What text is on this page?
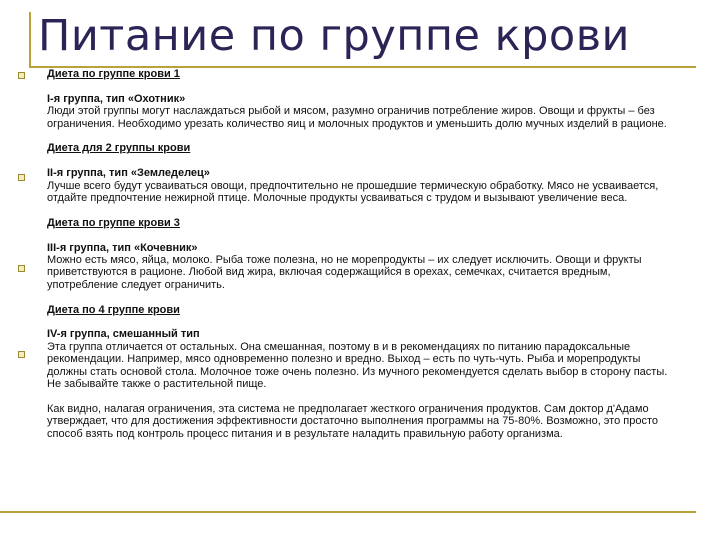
Питание по группе крови

Диета по группе крови 1

I-я группа, тип «Охотник»

Люди этой группы могут наслаждаться рыбой и мясом, разумно ограничив потребление жиров. Овощи и фрукты – без ограничения. Необходимо урезать количество яиц и молочных продуктов и уменьшить долю мучных изделий в рационе.

Диета для 2 группы крови

II-я группа, тип «Земледелец»

Лучше всего будут усваиваться овощи, предпочтительно не прошедшие термическую обработку. Мясо не усваивается, отдайте предпочтение нежирной птице. Молочные продукты усваиваться с трудом и вызывают увеличение веса.

Диета по группе крови 3

III-я группа, тип «Кочевник»

Можно есть мясо, яйца, молоко. Рыба тоже полезна, но не морепродукты – их следует исключить. Овощи и фрукты приветствуются в рационе. Любой вид жира, включая содержащийся в орехах, семечках, считается вредным, употребление следует ограничить.

Диета по 4 группе крови

IV-я группа, смешанный тип

Эта группа отличается от остальных. Она смешанная, поэтому в и в рекомендациях по питанию парадоксальные рекомендации. Например, мясо одновременно полезно и вредно. Выход – есть по чуть-чуть. Рыба и морепродукты должны стать основой стола. Молочное тоже очень полезно. Из мучного рекомендуется сделать выбор в сторону пасты. Не забывайте также о растительной пище.

Как видно, налагая ограничения, эта система не предполагает жесткого ограничения продуктов. Сам доктор д'Адамо утверждает, что для достижения эффективности достаточно выполнения программы на 75-80%. Возможно, это просто способ взять под контроль процесс питания и в результате наладить правильную работу организма.
